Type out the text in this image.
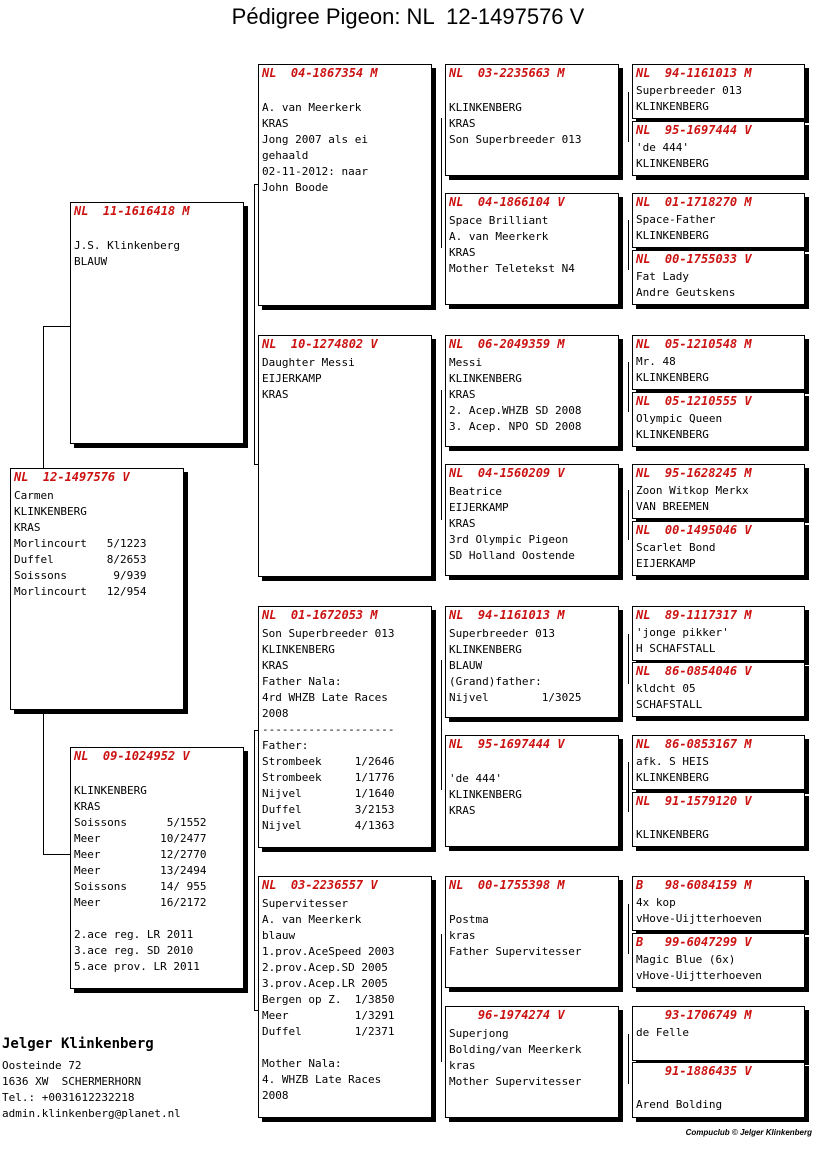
Pédigree Pigeon: NL  12-1497576 V
NL  12-1497576 V
Carmen
KLINKENBERG
KRAS
Morlincourt   5/1223
Duffel        8/2653
Soissons       9/939
Morlincourt   12/954
NL  11-1616418 M

J.S. Klinkenberg
BLAUW
NL  09-1024952 V

KLINKENBERG
KRAS
Soissons      5/1552
Meer         10/2477
Meer         12/2770
Meer         13/2494
Soissons     14/ 955
Meer         16/2172

2.ace reg. LR 2011
3.ace reg. SD 2010
5.ace prov. LR 2011
NL  04-1867354 M

A. van Meerkerk
KRAS
Jong 2007 als ei
gehaald
02-11-2012: naar
John Boode
NL  10-1274802 V
Daughter Messi
EIJERKAMP
KRAS
NL  01-1672053 M
Son Superbreeder 013
KLINKENBERG
KRAS
Father Nala:
4rd WHZB Late Races
2008
--------------------
Father:
Strombeek     1/2646
Strombeek     1/1776
Nijvel        1/1640
Duffel        3/2153
Nijvel        4/1363
NL  03-2236557 V
Supervitesser
A. van Meerkerk
blauw
1.prov.AceSpeed 2003
2.prov.Acep.SD 2005
3.prov.Acep.LR 2005
Bergen op Z.  1/3850
Meer          1/3291
Duffel        1/2371

Mother Nala:
4. WHZB Late Races
2008
NL  03-2235663 M

KLINKENBERG
KRAS
Son Superbreeder 013
NL  04-1866104 V
Space Brilliant
A. van Meerkerk
KRAS
Mother Teletekst N4
NL  06-2049359 M
Messi
KLINKENBERG
KRAS
2. Acep.WHZB SD 2008
3. Acep. NPO SD 2008
NL  04-1560209 V
Beatrice
EIJERKAMP
KRAS
3rd Olympic Pigeon
SD Holland Oostende
NL  94-1161013 M
Superbreeder 013
KLINKENBERG
BLAUW
(Grand)father:
Nijvel        1/3025
NL  95-1697444 V

'de 444'
KLINKENBERG
KRAS
NL  00-1755398 M

Postma
kras
Father Supervitesser
96-1974274 V
Superjong
Bolding/van Meerkerk
kras
Mother Supervitesser
NL  94-1161013 M
Superbreeder 013
KLINKENBERG
NL  95-1697444 V
'de 444'
KLINKENBERG
NL  01-1718270 M
Space-Father
KLINKENBERG
NL  00-1755033 V
Fat Lady
Andre Geutskens
NL  05-1210548 M
Mr. 48
KLINKENBERG
NL  05-1210555 V
Olympic Queen
KLINKENBERG
NL  95-1628245 M
Zoon Witkop Merkx
VAN BREEMEN
NL  00-1495046 V
Scarlet Bond
EIJERKAMP
NL  89-1117317 M
'jonge pikker'
H SCHAFSTALL
NL  86-0854046 V
kldcht 05
SCHAFSTALL
NL  86-0853167 M
afk. S HEIS
KLINKENBERG
NL  91-1579120 V

KLINKENBERG
B   98-6084159 M
4x kop
vHove-Uijtterhoeven
B   99-6047299 V
Magic Blue (6x)
vHove-Uijtterhoeven
93-1706749 M
de Felle

91-1886435 V

Arend Bolding
Jelger Klinkenberg
Oosteinde 72
1636 XW  SCHERMERHORN
Tel.: +0031612232218
admin.klinkenberg@planet.nl
Compuclub © Jelger Klinkenberg
